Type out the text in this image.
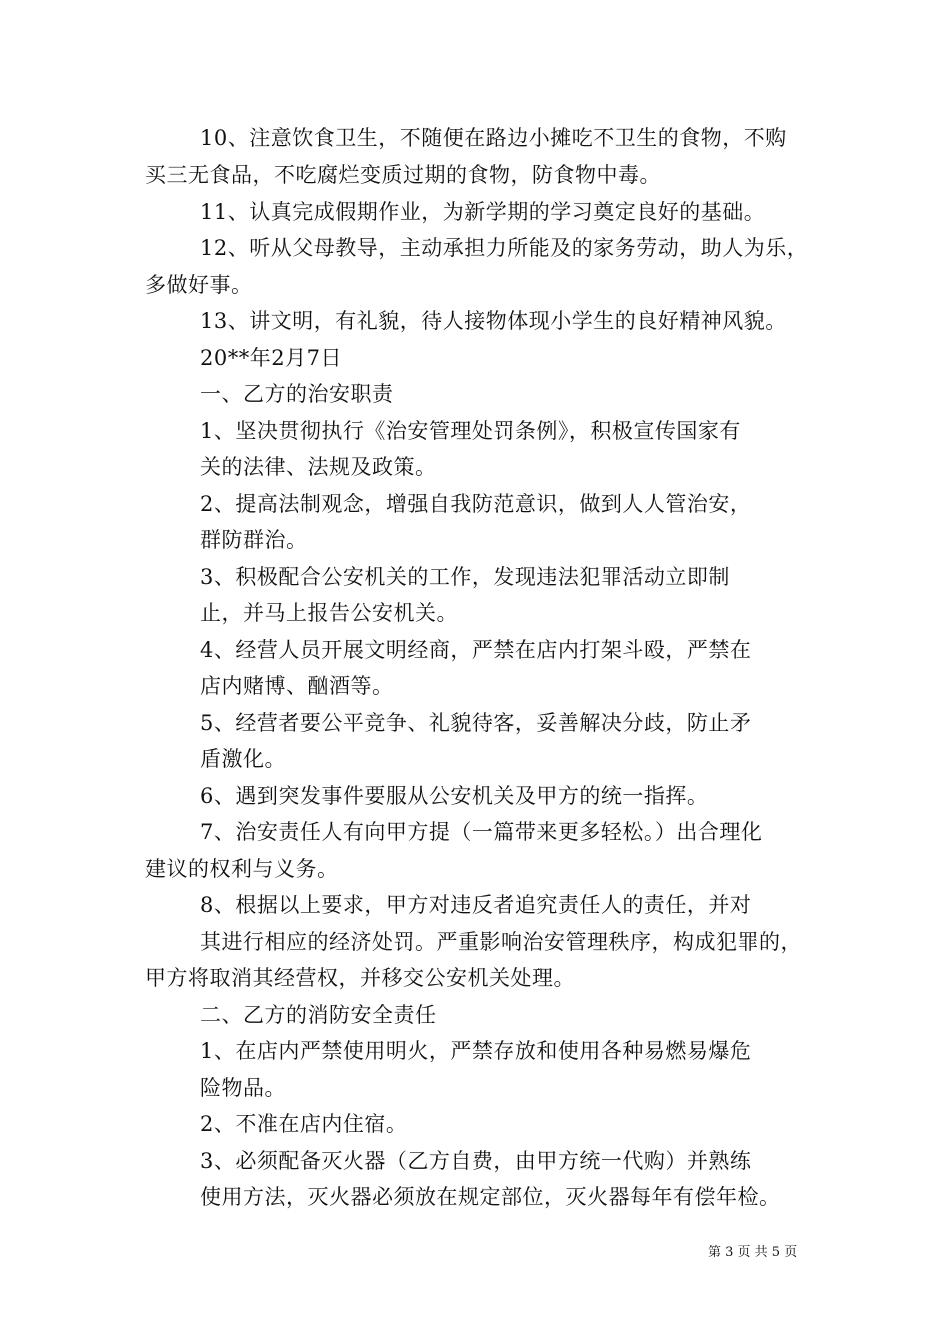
10、注意饮食卫生，不随便在路边小摊吃不卫生的食物，不购
买三无食品，不吃腐烂变质过期的食物，防食物中毒。
11、认真完成假期作业，为新学期的学习奠定良好的基础。
12、听从父母教导，主动承担力所能及的家务劳动，助人为乐，
多做好事。
13、讲文明，有礼貌，待人接物体现小学生的良好精神风貌。
20**年2月7日
一、乙方的治安职责
1、坚决贯彻执行《治安管理处罚条例》，积极宣传国家有
关的法律、法规及政策。
2、提高法制观念，增强自我防范意识，做到人人管治安，
群防群治。
3、积极配合公安机关的工作，发现违法犯罪活动立即制
止，并马上报告公安机关。
4、经营人员开展文明经商，严禁在店内打架斗殴，严禁在
店内赌博、酗酒等。
5、经营者要公平竞争、礼貌待客，妥善解决分歧，防止矛
盾激化。
6、遇到突发事件要服从公安机关及甲方的统一指挥。
7、治安责任人有向甲方提（一篇带来更多轻松。）出合理化
建议的权利与义务。
8、根据以上要求，甲方对违反者追究责任人的责任，并对
其进行相应的经济处罚。严重影响治安管理秩序，构成犯罪的，
甲方将取消其经营权，并移交公安机关处理。
二、乙方的消防安全责任
1、在店内严禁使用明火，严禁存放和使用各种易燃易爆危
险物品。
2、不准在店内住宿。
3、必须配备灭火器（乙方自费，由甲方统一代购）并熟练
使用方法，灭火器必须放在规定部位，灭火器每年有偿年检。
第 3 页 共 5 页
